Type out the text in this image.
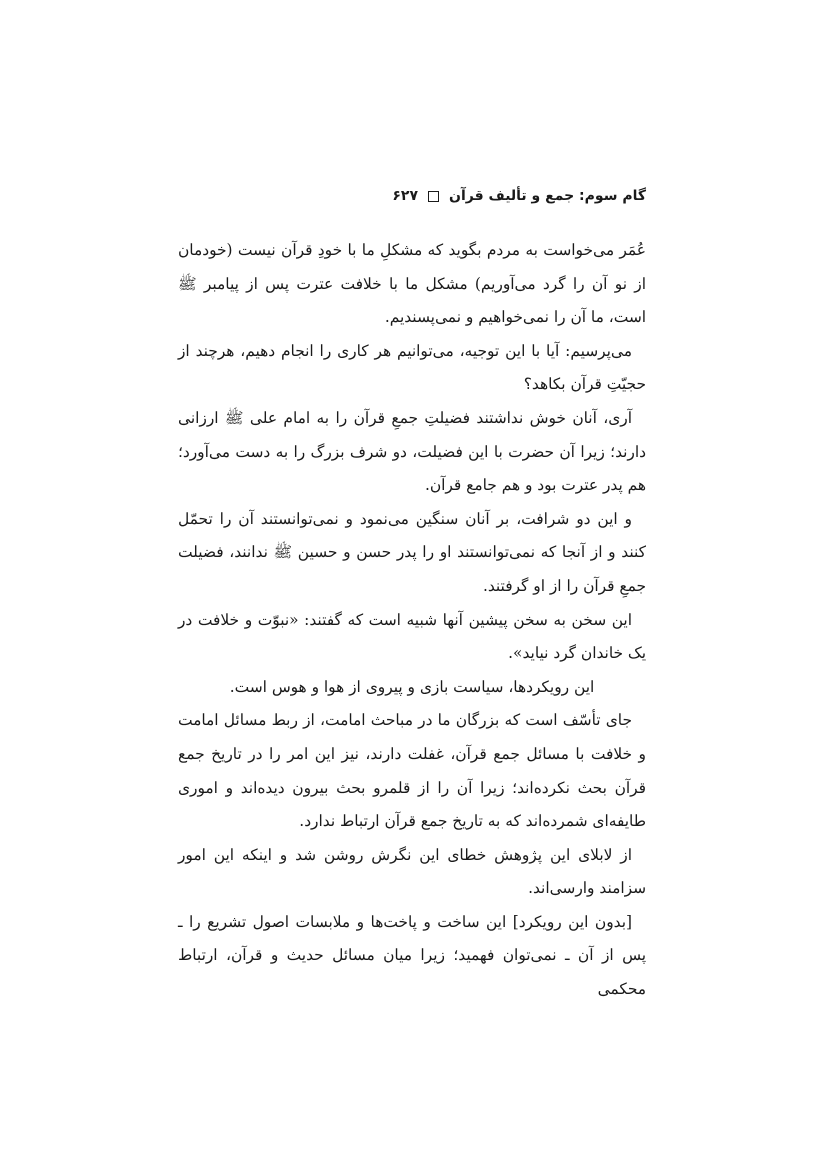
گام سوم: جمع و تألیف قرآن
۶۲۷

عُمَر می‌خواست به مردم بگوید که مشکلِ ما با خودِ قرآن نیست (خودمان از نو آن را گرد می‌آوریم) مشکل ما با خلافت عترت پس از پیامبر ﷺ است، ما آن را نمی‌خواهیم و نمی‌پسندیم.

می‌پرسیم: آیا با این توجیه، می‌توانیم هر کاری را انجام دهیم، هرچند از حجیّتِ قرآن بکاهد؟

آری، آنان خوش نداشتند فضیلتِ جمعِ قرآن را به امام علی ﷺ ارزانی دارند؛ زیرا آن حضرت با این فضیلت، دو شرف بزرگ را به دست می‌آورد؛ هم پدر عترت بود و هم جامع قرآن.

و این دو شرافت، بر آنان سنگین می‌نمود و نمی‌توانستند آن را تحمّل کنند و از آنجا که نمی‌توانستند او را پدر حسن و حسین ﷺ ندانند، فضیلت جمعِ قرآن را از او گرفتند.

این سخن به سخن پیشین آنها شبیه است که گفتند: «نبوّت و خلافت در یک خاندان گرد نیاید».

این رویکردها، سیاست بازی و پیروی از هوا و هوس است.

جای تأسّف است که بزرگان ما در مباحث امامت، از ربط مسائل امامت و خلافت با مسائل جمع قرآن، غفلت دارند، نیز این امر را در تاریخ جمع قرآن بحث نکرده‌اند؛ زیرا آن را از قلمرو بحث بیرون دیده‌اند و اموری طایفه‌ای شمرده‌اند که به تاریخ جمع قرآن ارتباط ندارد.

از لابلای این پژوهش خطای این نگرش روشن شد و اینکه این امور سزامند وارسی‌اند.

[بدون این رویکرد] این ساخت و پاخت‌ها و ملابسات اصول تشریع را ـ پس از آن ـ نمی‌توان فهمید؛ زیرا میان مسائل حدیث و قرآن، ارتباط محکمی
